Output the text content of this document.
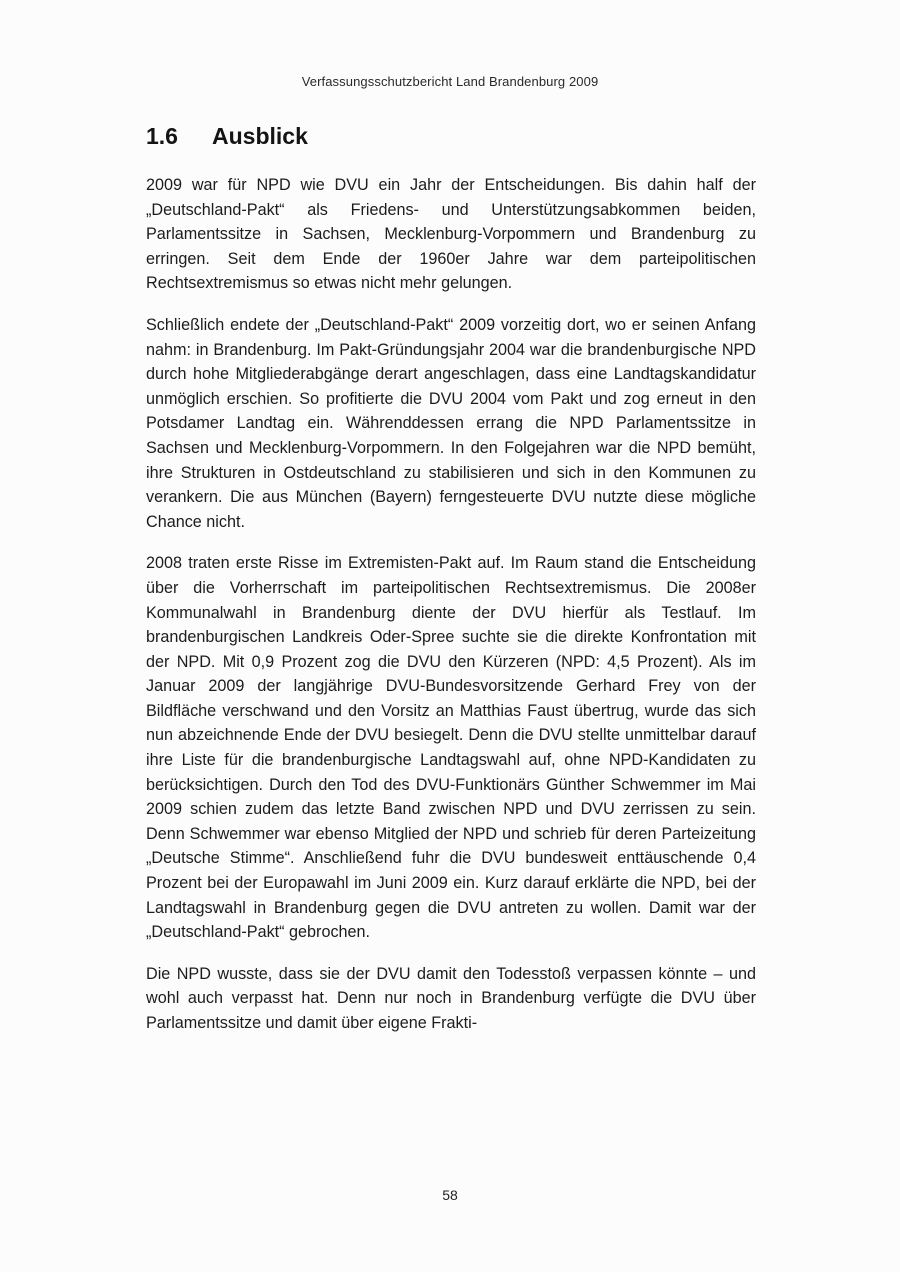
Verfassungsschutzbericht Land Brandenburg 2009
1.6 Ausblick

2009 war für NPD wie DVU ein Jahr der Entscheidungen. Bis dahin half der „Deutschland-Pakt“ als Friedens- und Unterstützungsabkommen beiden, Parlamentssitze in Sachsen, Mecklenburg-Vorpommern und Brandenburg zu erringen. Seit dem Ende der 1960er Jahre war dem parteipolitischen Rechtsextremismus so etwas nicht mehr gelungen.

Schließlich endete der „Deutschland-Pakt“ 2009 vorzeitig dort, wo er seinen Anfang nahm: in Brandenburg. Im Pakt-Gründungsjahr 2004 war die brandenburgische NPD durch hohe Mitgliederabgänge derart angeschlagen, dass eine Landtagskandidatur unmöglich erschien. So profitierte die DVU 2004 vom Pakt und zog erneut in den Potsdamer Landtag ein. Währenddessen errang die NPD Parlamentssitze in Sachsen und Mecklenburg-Vorpommern. In den Folgejahren war die NPD bemüht, ihre Strukturen in Ostdeutschland zu stabilisieren und sich in den Kommunen zu verankern. Die aus München (Bayern) ferngesteuerte DVU nutzte diese mögliche Chance nicht.

2008 traten erste Risse im Extremisten-Pakt auf. Im Raum stand die Entscheidung über die Vorherrschaft im parteipolitischen Rechtsextremismus. Die 2008er Kommunalwahl in Brandenburg diente der DVU hierfür als Testlauf. Im brandenburgischen Landkreis Oder-Spree suchte sie die direkte Konfrontation mit der NPD. Mit 0,9 Prozent zog die DVU den Kürzeren (NPD: 4,5 Prozent). Als im Januar 2009 der langjährige DVU-Bundesvorsitzende Gerhard Frey von der Bildfläche verschwand und den Vorsitz an Matthias Faust übertrug, wurde das sich nun abzeichnende Ende der DVU besiegelt. Denn die DVU stellte unmittelbar darauf ihre Liste für die brandenburgische Landtagswahl auf, ohne NPD-Kandidaten zu berücksichtigen. Durch den Tod des DVU-Funktionärs Günther Schwemmer im Mai 2009 schien zudem das letzte Band zwischen NPD und DVU zerrissen zu sein. Denn Schwemmer war ebenso Mitglied der NPD und schrieb für deren Parteizeitung „Deutsche Stimme“. Anschließend fuhr die DVU bundesweit enttäuschende 0,4 Prozent bei der Europawahl im Juni 2009 ein. Kurz darauf erklärte die NPD, bei der Landtagswahl in Brandenburg gegen die DVU antreten zu wollen. Damit war der „Deutschland-Pakt“ gebrochen.

Die NPD wusste, dass sie der DVU damit den Todesstoß verpassen könnte – und wohl auch verpasst hat. Denn nur noch in Brandenburg verfügte die DVU über Parlamentssitze und damit über eigene Frakti-

58
